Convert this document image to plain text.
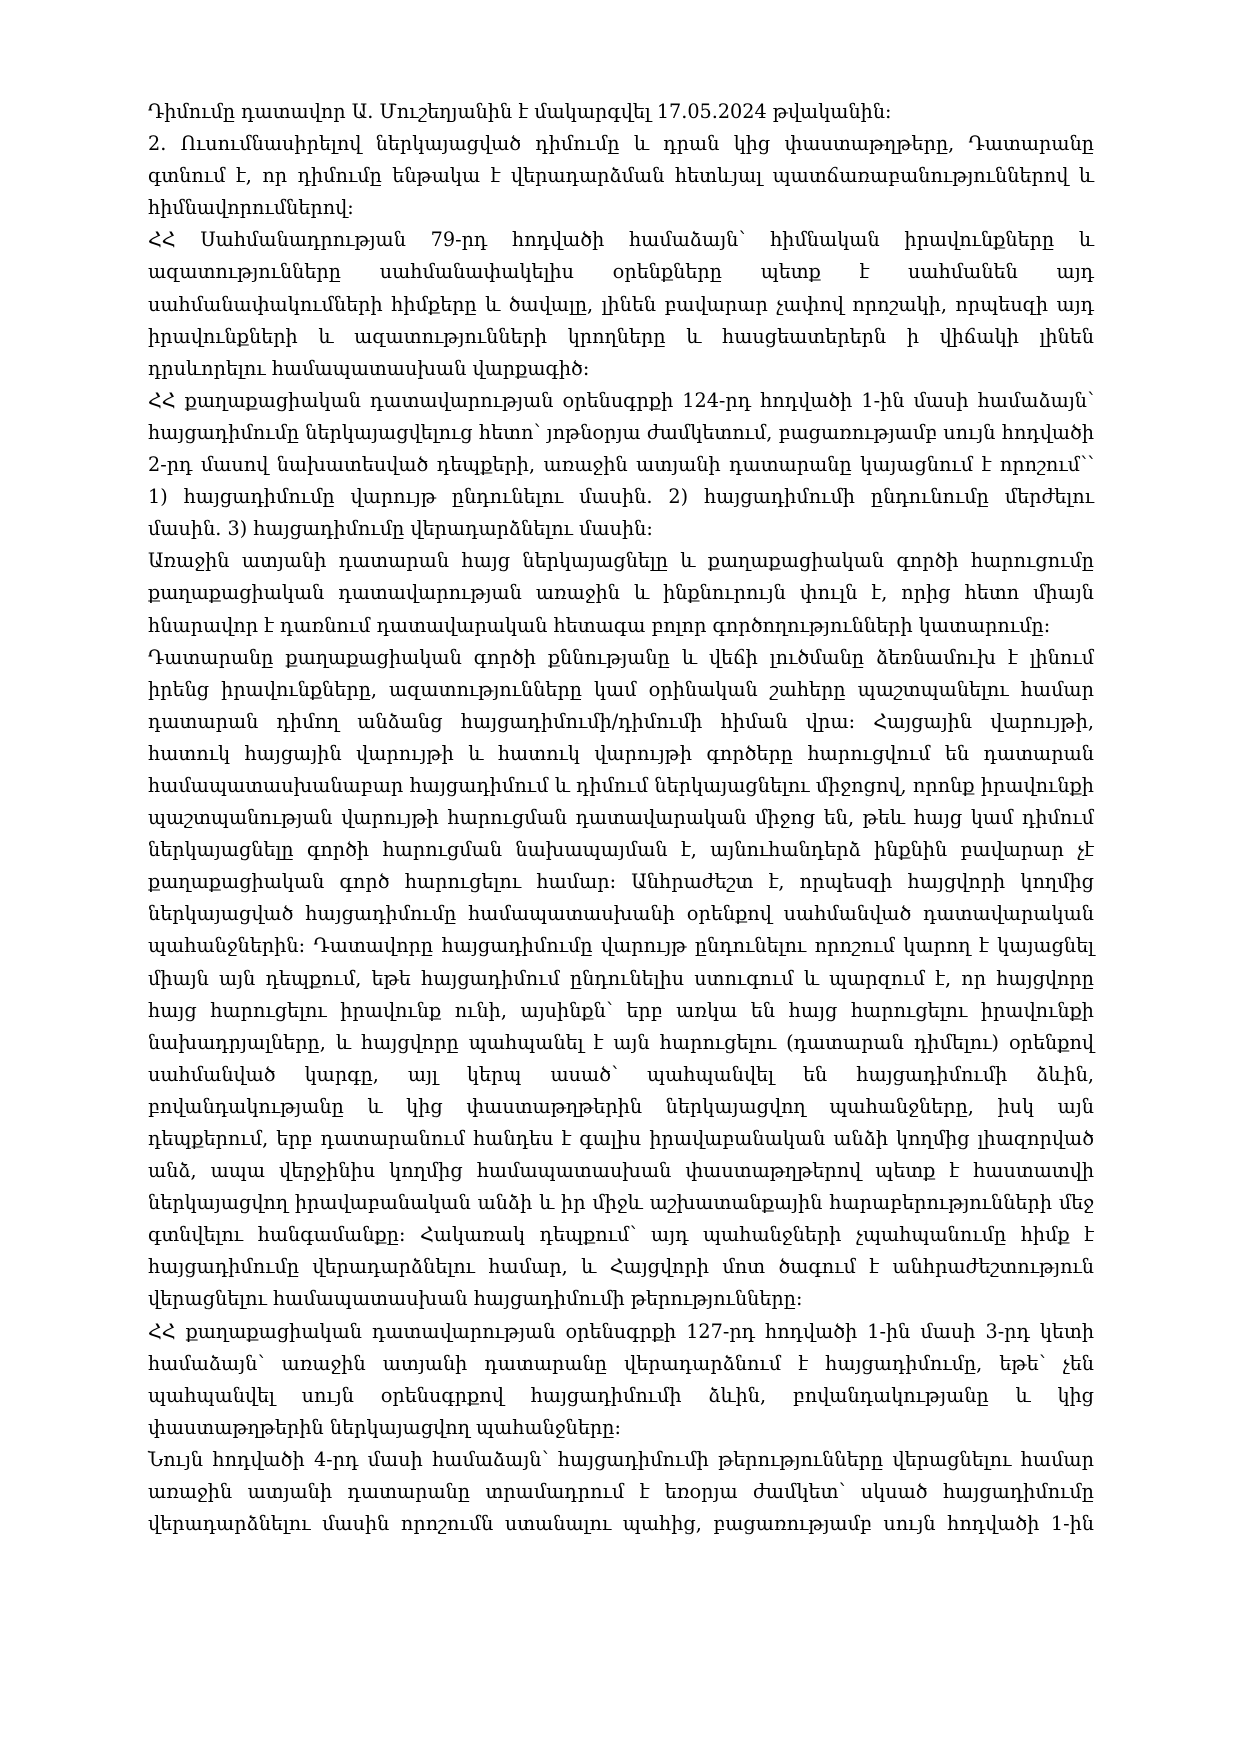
Դիմումը դատավոր Ա. Մուշեղյանին է մակարգվել 17.05.2024 թվականին:

2. Ուսումնասիրելով ներկայացված դիմումը և դրան կից փաստաթղթերը, Դատարանը գտնում է, որ դիմումը ենթակա է վերադարձման հետևյալ պատճառաբանություններով և հիմնավորումներով:

ՀՀ Սահմանադրության 79-րդ հոդվածի համաձայն՝ հիմնական իրավունքները և ազատությունները սահմանափակելիս օրենքները պետք է սահմանեն այդ սահմանափակումների հիմքերը և ծավալը, լինեն բավարար չափով որոշակի, որպեսզի այդ իրավունքների և ազատությունների կրողները և հասցեատերերն ի վիճակի լինեն դրսևորելու համապատասխան վարքագիծ:

ՀՀ քաղաքացիական դատավարության օրենսգրքի 124-րդ հոդվածի 1-ին մասի համաձայն՝ հայցադիմումը ներկայացվելուց հետո՝ յոթնօրյա ժամկետում, բացառությամբ սույն հոդվածի 2-րդ մասով նախատեսված դեպքերի, առաջին ատյանի դատարանը կայացնում է որոշում՝՝ 1) հայցադիմումը վարույթ ընդունելու մասին. 2) հայցադիմումի ընդունումը մերժելու մասին. 3) հայցադիմումը վերադարձնելու մասին:

Առաջին ատյանի դատարան հայց ներկայացնելը և քաղաքացիական գործի հարուցումը քաղաքացիական դատավարության առաջին և ինքնուրույն փուլն է, որից հետո միայն հնարավոր է դառնում դատավարական հետագա բոլոր գործողությունների կատարումը:

Դատարանը քաղաքացիական գործի քննությանը և վեճի լուծմանը ձեռնամուխ է լինում իրենց իրավունքները, ազատությունները կամ օրինական շահերը պաշտպանելու համար դատարան դիմող անձանց հայցադիմումի/դիմումի հիման վրա: Հայցային վարույթի, հատուկ հայցային վարույթի և հատուկ վարույթի գործերը հարուցվում են դատարան համապատասխանաբար հայցադիմում և դիմում ներկայացնելու միջոցով, որոնք իրավունքի պաշտպանության վարույթի հարուցման դատավարական միջոց են, թեև հայց կամ դիմում ներկայացնելը գործի հարուցման նախապայման է, այնուհանդերձ ինքնին բավարար չէ քաղաքացիական գործ հարուցելու համար: Անհրաժեշտ է, որպեսզի հայցվորի կողմից ներկայացված հայցադիմումը համապատասխանի օրենքով սահմանված դատավարական պահանջներին: Դատավորը հայցադիմումը վարույթ ընդունելու որոշում կարող է կայացնել միայն այն դեպքում, եթե հայցադիմում ընդունելիս ստուգում և պարզում է, որ հայցվորը հայց հարուցելու իրավունք ունի, այսինքն՝ երբ առկա են հայց հարուցելու իրավունքի նախադրյալները, և հայցվորը պահպանել է այն հարուցելու (դատարան դիմելու) օրենքով սահմանված կարգը, այլ կերպ ասած՝ պահպանվել են հայցադիմումի ձևին, բովանդակությանը և կից փաստաթղթերին ներկայացվող պահանջները, իսկ այն դեպքերում, երբ դատարանում հանդես է գալիս իրավաբանական անձի կողմից լիազորված անձ, ապա վերջինիս կողմից համապատասխան փաստաթղթերով պետք է հաստատվի ներկայացվող իրավաբանական անձի և իր միջև աշխատանքային հարաբերությունների մեջ գտնվելու հանգամանքը: Հակառակ դեպքում՝ այդ պահանջների չպահպանումը հիմք է հայցադիմումը վերադարձնելու համար, և Հայցվորի մոտ ծագում է անհրաժեշտություն վերացնելու համապատասխան հայցադիմումի թերությունները:

ՀՀ քաղաքացիական դատավարության օրենսգրքի 127-րդ հոդվածի 1-ին մասի 3-րդ կետի համաձայն՝ առաջին ատյանի դատարանը վերադարձնում է հայցադիմումը, եթե՝ չեն պահպանվել սույն օրենսգրքով հայցադիմումի ձևին, բովանդակությանը և կից փաստաթղթերին ներկայացվող պահանջները:

Նույն հոդվածի 4-րդ մասի համաձայն՝ հայցադիմումի թերությունները վերացնելու համար առաջին ատյանի դատարանը տրամադրում է եռօրյա ժամկետ՝ սկսած հայցադիմումը վերադարձնելու մասին որոշումն ստանալու պահից, բացառությամբ սույն հոդվածի 1-ին
